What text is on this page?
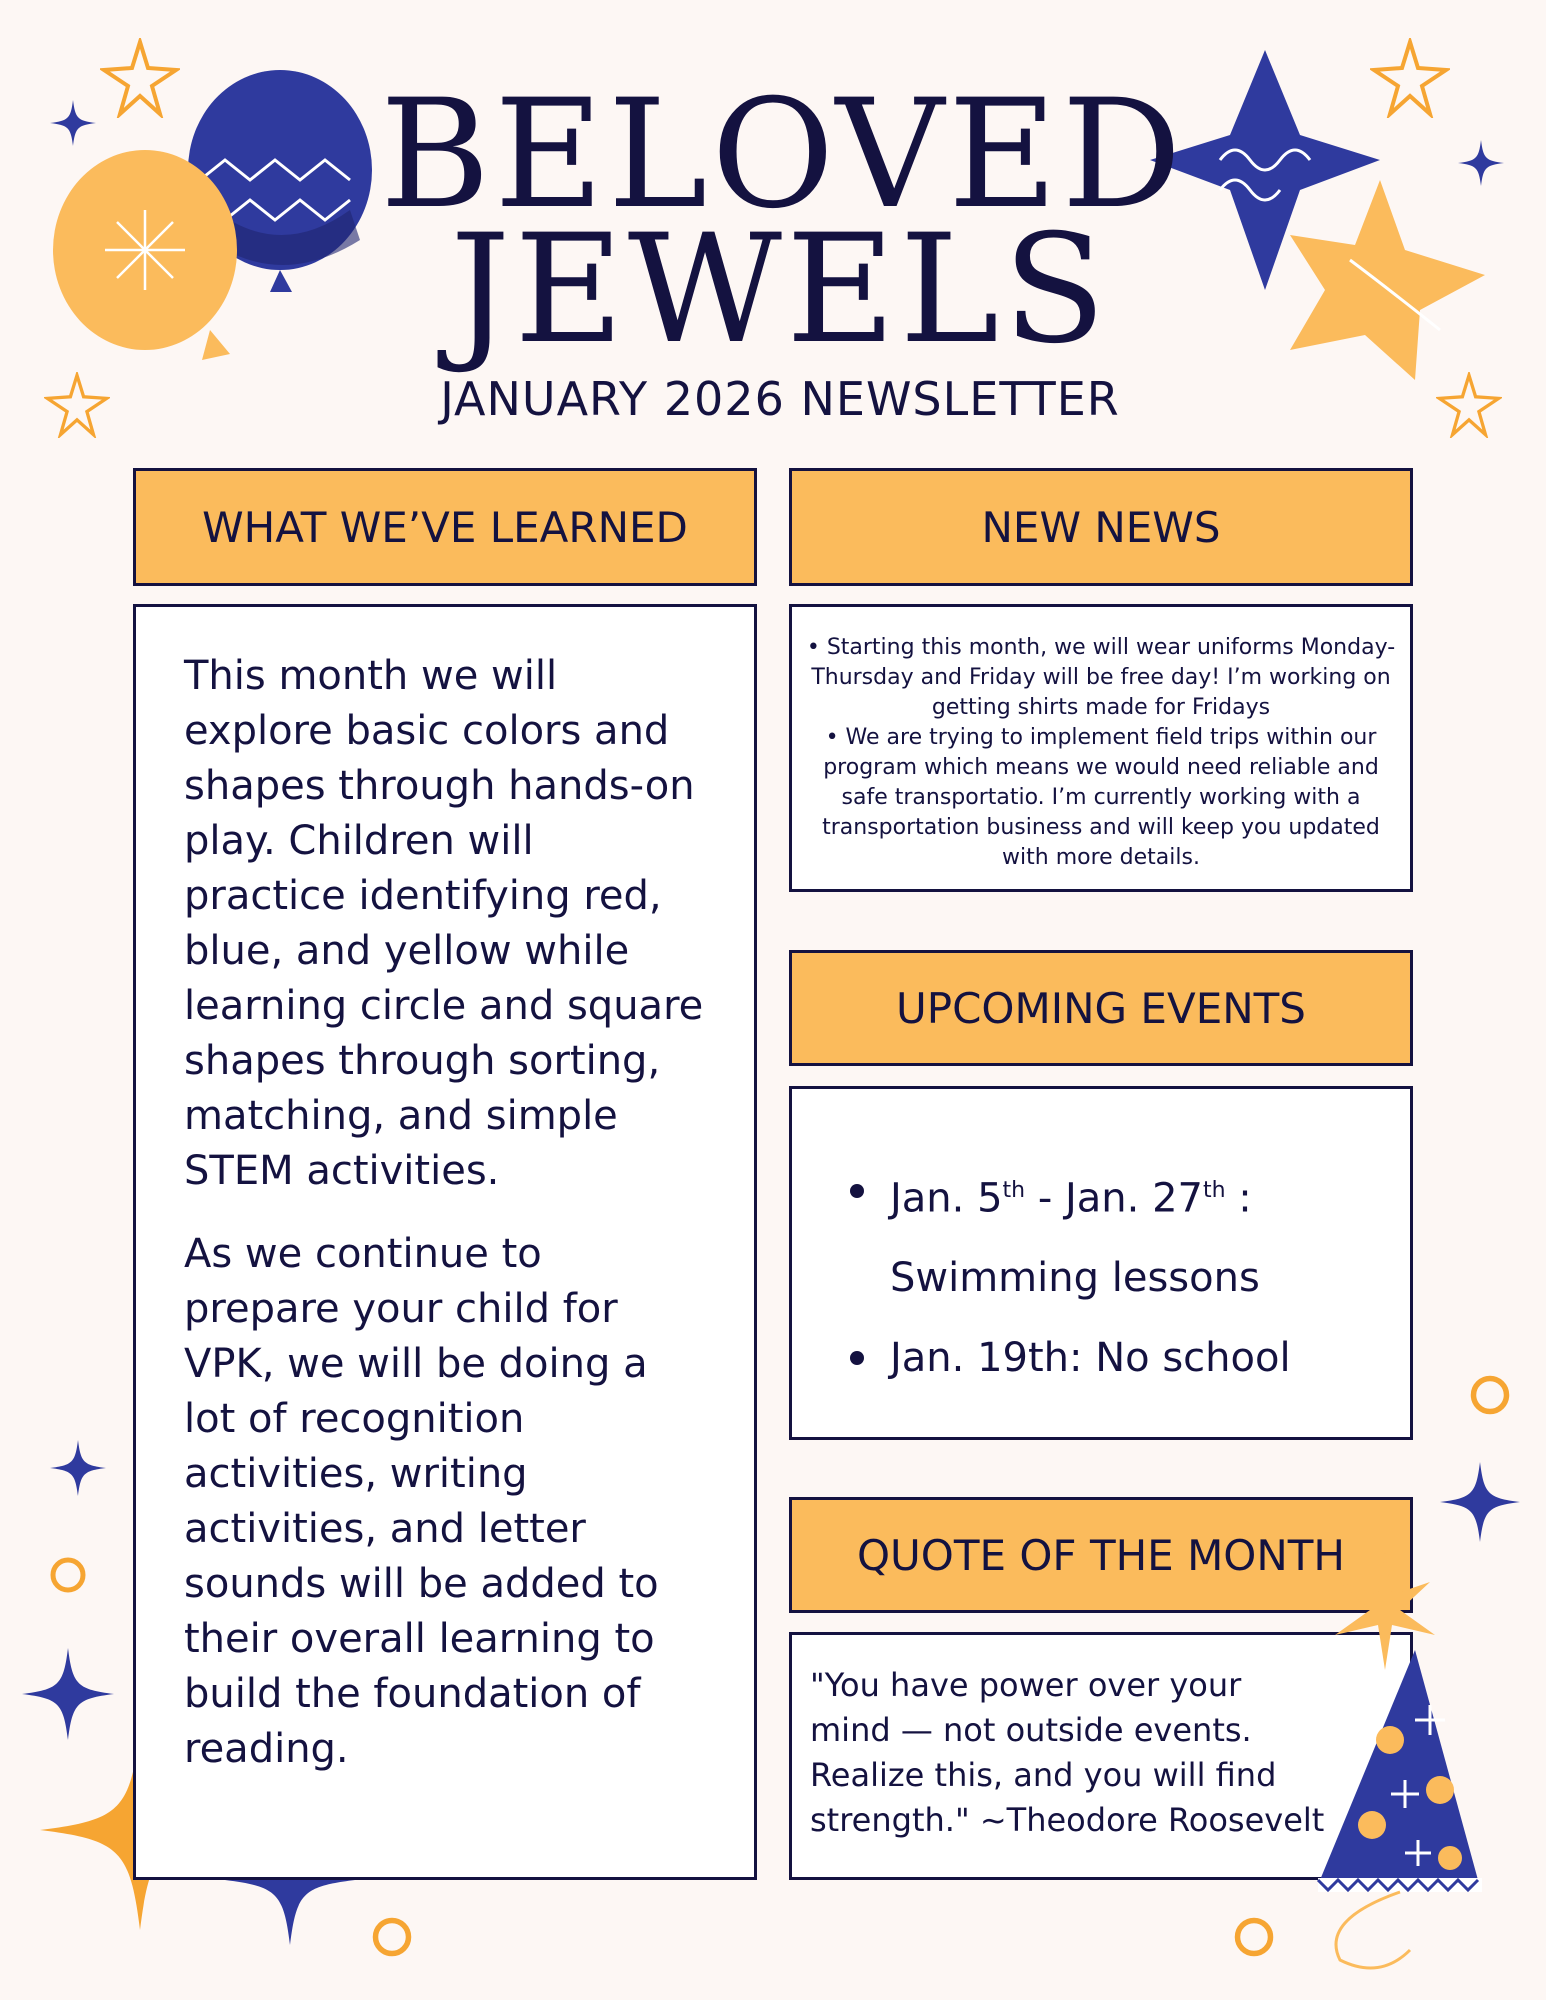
BELOVED
JEWELS
JANUARY 2026 NEWSLETTER
WHAT WE’VE LEARNED

This month we will explore basic colors and shapes through hands-on play. Children will practice identifying red, blue, and yellow while learning circle and square shapes through sorting, matching, and simple STEM activities.

As we continue to prepare your child for VPK, we will be doing a lot of recognition activities, writing activities, and letter sounds will be added to their overall learning to build the foundation of reading.

NEW NEWS
• Starting this month, we will wear uniforms Monday-Thursday and Friday will be free day! I’m working on getting shirts made for Fridays
• We are trying to implement field trips within our program which means we would need reliable and safe transportatio. I’m currently working with a transportation business and will keep you updated with more details.
UPCOMING EVENTS
Jan. 5th - Jan. 27th :
Swimming lessons
Jan. 19th: No school
QUOTE OF THE MONTH
"You have power over your mind — not outside events. Realize this, and you will find strength." ~Theodore Roosevelt
